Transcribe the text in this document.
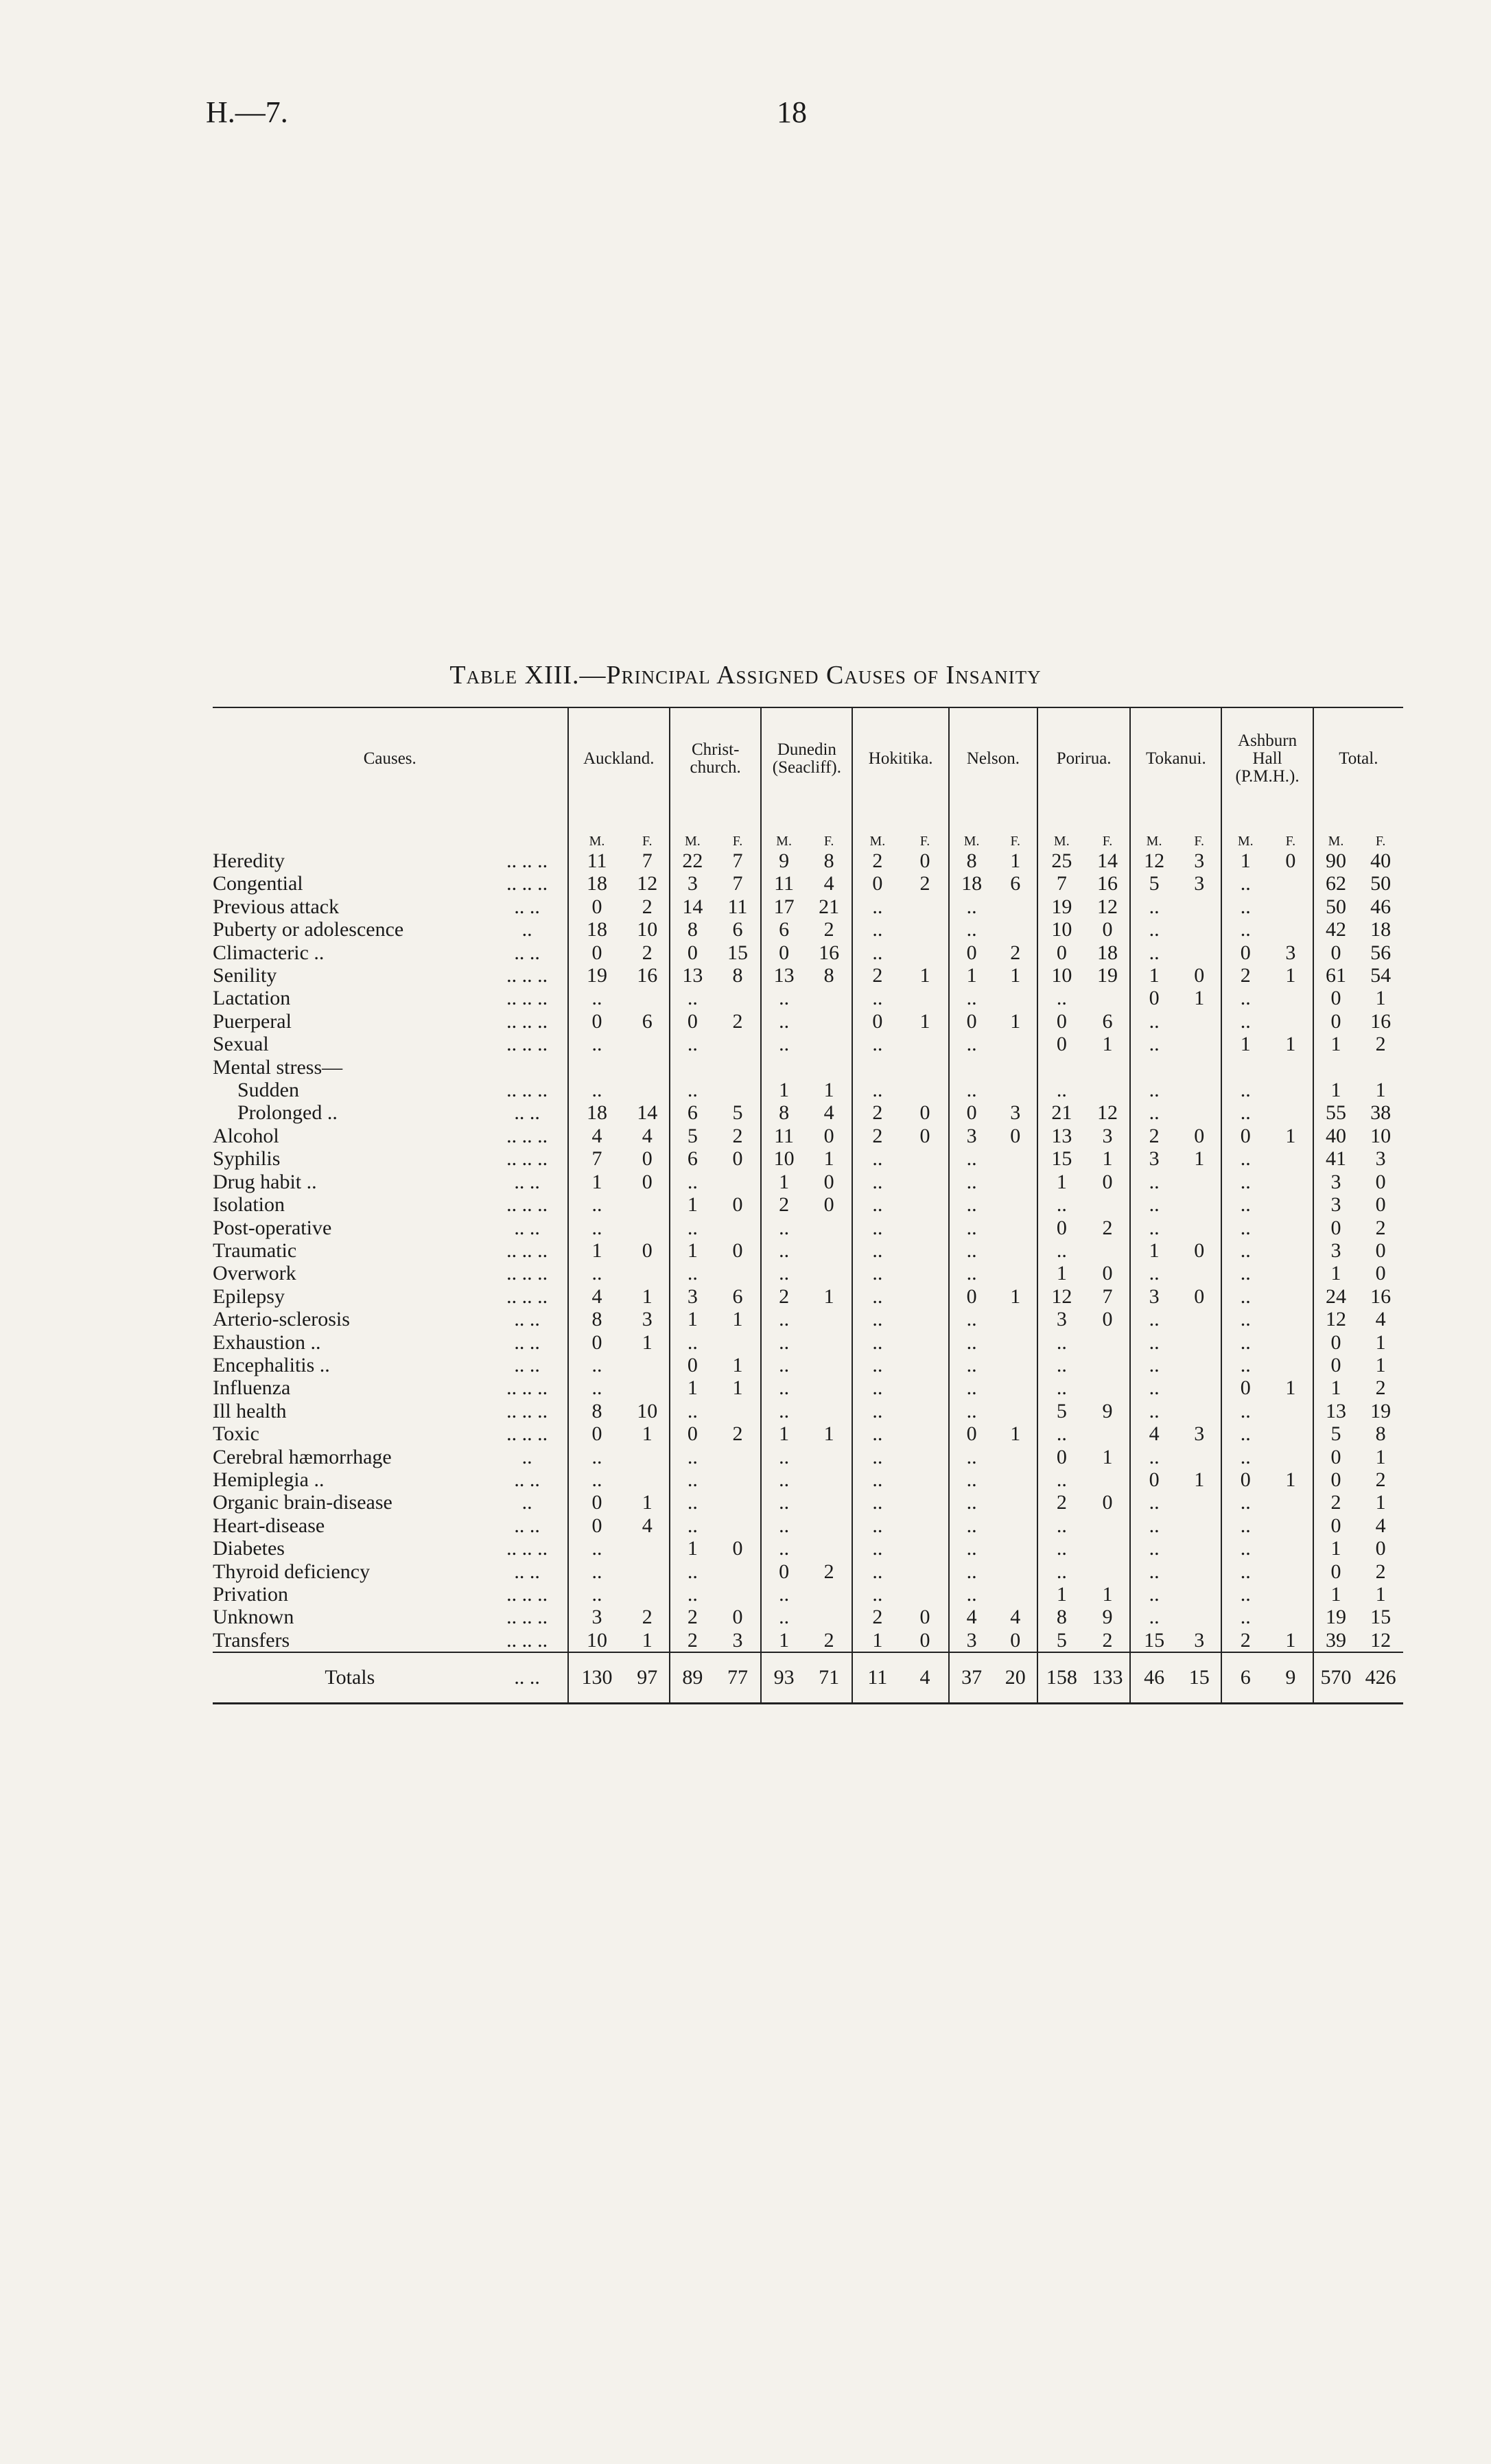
H.—7.	18
Table XIII.—Principal Assigned Causes of Insanity
Causes.		Auckland.		Christ-
church.		Dunedin
(Seacliff).		Hokitika.		Nelson.		Porirua.		Tokanui.		Ashburn
Hall
(P.M.H.).		Total.	
		M.	F.	M.	F.	M.	F.	M.	F.	M.	F.	M.	F.	M.	F.	M.	F.	M.	F.
Heredity	.. .. ..	11	7	22	7	9	8	2	0	8	1	25	14	12	3	1	0	90	40
Congential	.. .. ..	18	12	3	7	11	4	0	2	18	6	7	16	5	3	..		62	50
Previous attack	.. ..	0	2	14	11	17	21	..		..		19	12	..		..		50	46
Puberty or adolescence	..	18	10	8	6	6	2	..		..		10	0	..		..		42	18
Climacteric ..	.. ..	0	2	0	15	0	16	..		0	2	0	18	..		0	3	0	56
Senility	.. .. ..	19	16	13	8	13	8	2	1	1	1	10	19	1	0	2	1	61	54
Lactation	.. .. ..	..		..		..		..		..		..		0	1	..		0	1
Puerperal	.. .. ..	0	6	0	2	..		0	1	0	1	0	6	..		..		0	16
Sexual	.. .. ..	..		..		..		..		..		0	1	..		1	1	1	2
Mental stress—																			
Sudden	.. .. ..	..		..		1	1	..		..		..		..		..		1	1
Prolonged ..	.. ..	18	14	6	5	8	4	2	0	0	3	21	12	..		..		55	38
Alcohol	.. .. ..	4	4	5	2	11	0	2	0	3	0	13	3	2	0	0	1	40	10
Syphilis	.. .. ..	7	0	6	0	10	1	..		..		15	1	3	1	..		41	3
Drug habit ..	.. ..	1	0	..		1	0	..		..		1	0	..		..		3	0
Isolation	.. .. ..	..		1	0	2	0	..		..		..		..		..		3	0
Post-operative	.. ..	..		..		..		..		..		0	2	..		..		0	2
Traumatic	.. .. ..	1	0	1	0	..		..		..		..		1	0	..		3	0
Overwork	.. .. ..	..		..		..		..		..		1	0	..		..		1	0
Epilepsy	.. .. ..	4	1	3	6	2	1	..		0	1	12	7	3	0	..		24	16
Arterio-sclerosis	.. ..	8	3	1	1	..		..		..		3	0	..		..		12	4
Exhaustion ..	.. ..	0	1	..		..		..		..		..		..		..		0	1
Encephalitis ..	.. ..	..		0	1	..		..		..		..		..		..		0	1
Influenza	.. .. ..	..		1	1	..		..		..		..		..		0	1	1	2
Ill health	.. .. ..	8	10	..		..		..		..		5	9	..		..		13	19
Toxic	.. .. ..	0	1	0	2	1	1	..		0	1	..		4	3	..		5	8
Cerebral hæmorrhage	..	..		..		..		..		..		0	1	..		..		0	1
Hemiplegia ..	.. ..	..		..		..		..		..		..		0	1	0	1	0	2
Organic brain-disease	..	0	1	..		..		..		..		2	0	..		..		2	1
Heart-disease	.. ..	0	4	..		..		..		..		..		..		..		0	4
Diabetes	.. .. ..	..		1	0	..		..		..		..		..		..		1	0
Thyroid deficiency	.. ..	..		..		0	2	..		..		..		..		..		0	2
Privation	.. .. ..	..		..		..		..		..		1	1	..		..		1	1
Unknown	.. .. ..	3	2	2	0	..		2	0	4	4	8	9	..		..		19	15
Transfers	.. .. ..	10	1	2	3	1	2	1	0	3	0	5	2	15	3	2	1	39	12
Totals	.. ..	130	97	89	77	93	71	11	4	37	20	158	133	46	15	6	9	570	426
